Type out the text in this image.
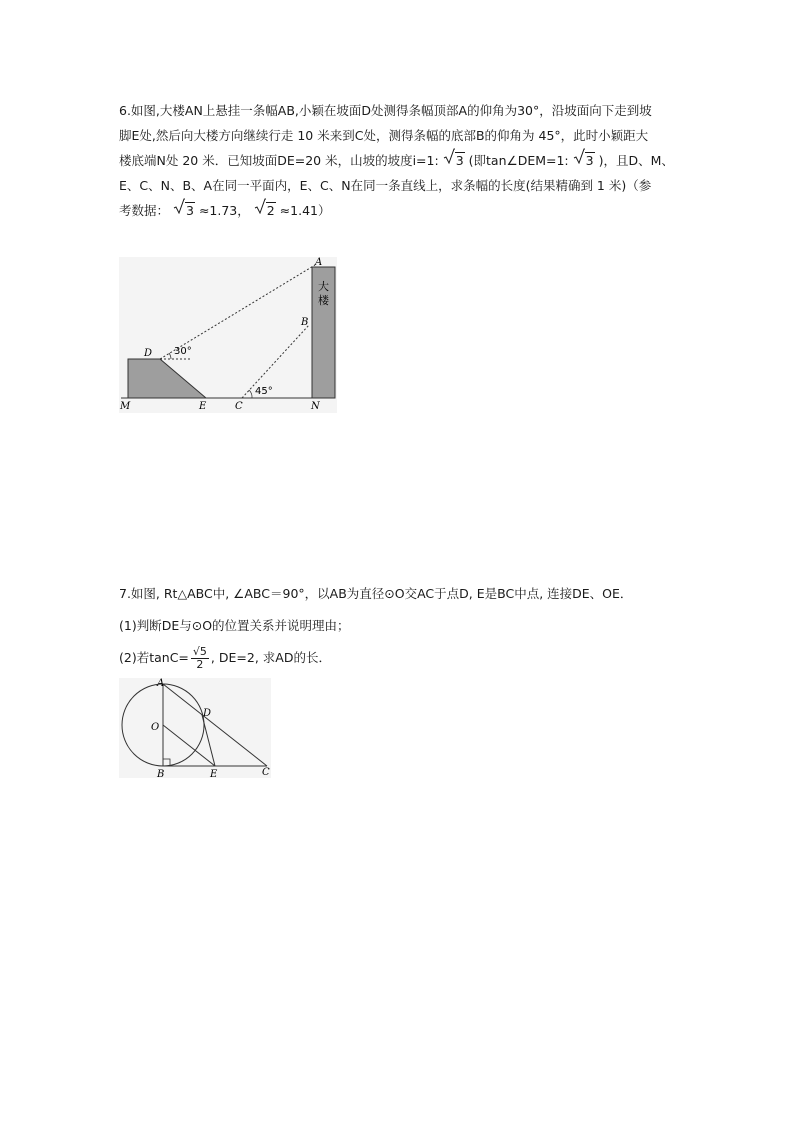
6.如图,大楼AN上悬挂一条幅AB,小颖在坡面D处测得条幅顶部A的仰角为30°，沿坡面向下走到坡
脚E处,然后向大楼方向继续行走 10 米来到C处，测得条幅的底部B的仰角为 45°，此时小颖距大
楼底端N处 20 米．已知坡面DE=20 米，山坡的坡度i=1: 3 (即tan∠DEM=1: 3 )，且D、M、
E、C、N、B、A在同一平面内，E、C、N在同一条直线上，求条幅的长度(结果精确到 1 米)（参
考数据： 3 ≈1.73， 2 ≈1.41）
A
B
D
M	E	C	N
30°
45°
大
楼
7.如图, Rt△ABC中, ∠ABC＝90°，以AB为直径⊙O交AC于点D, E是BC中点, 连接DE、OE．
(1)判断DE与⊙O的位置关系并说明理由；
(2)若$\tan C= \frac{√5}{2}$ , DE=2, 求AD的长．
A
O
D
B	E	C
